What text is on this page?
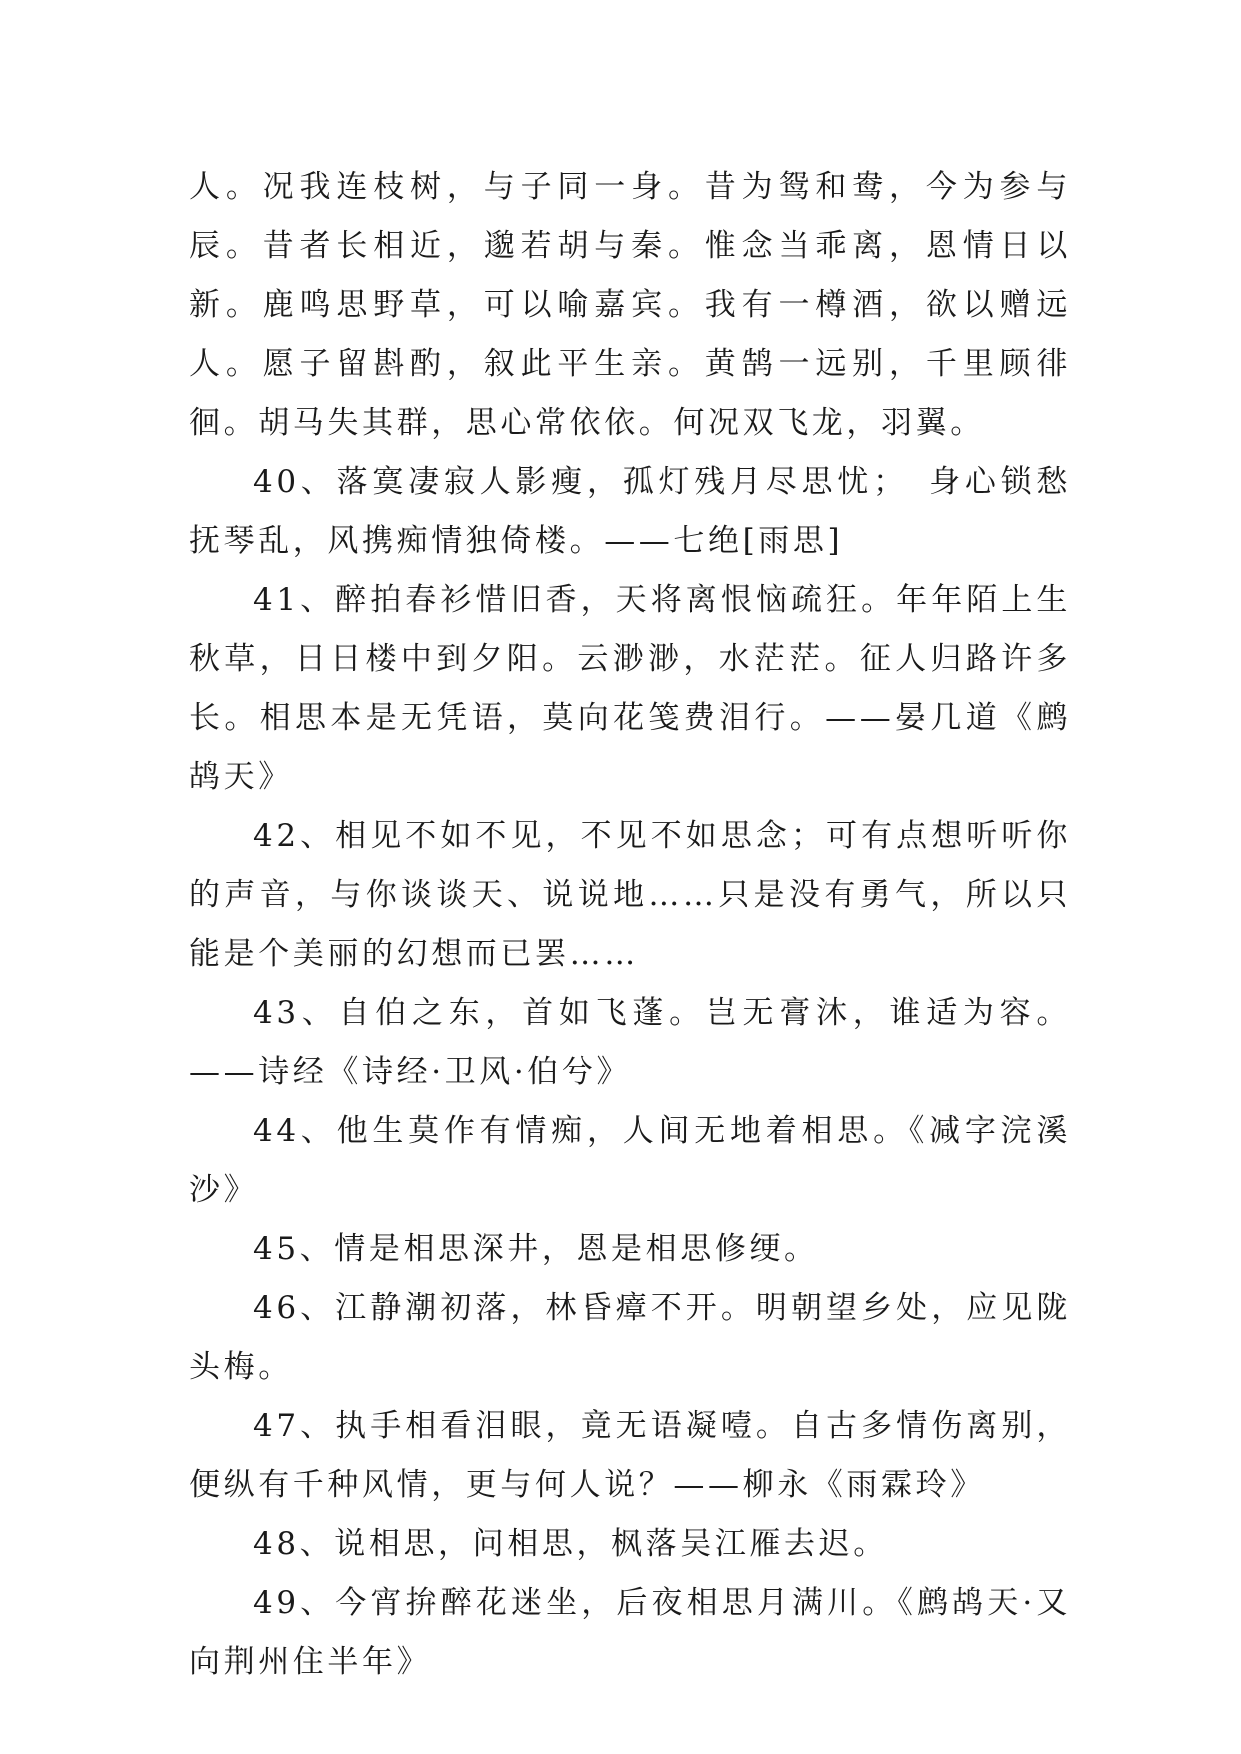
人。况我连枝树，与子同一身。昔为鸳和鸯，今为参与辰。昔者长相近，邈若胡与秦。惟念当乖离，恩情日以新。鹿鸣思野草，可以喻嘉宾。我有一樽酒，欲以赠远人。愿子留斟酌，叙此平生亲。黄鹄一远别，千里顾徘徊。胡马失其群，思心常依依。何况双飞龙，羽翼。

40、落寞凄寂人影瘦，孤灯残月尽思忧；　身心锁愁抚琴乱，风携痴情独倚楼。——七绝[雨思]

41、醉拍春衫惜旧香，天将离恨恼疏狂。年年陌上生秋草，日日楼中到夕阳。云渺渺，水茫茫。征人归路许多长。相思本是无凭语，莫向花笺费泪行。——晏几道《鹧鸪天》

42、相见不如不见，不见不如思念；可有点想听听你的声音，与你谈谈天、说说地……只是没有勇气，所以只能是个美丽的幻想而已罢……

43、自伯之东，首如飞蓬。岂无膏沐，谁适为容。——诗经《诗经·卫风·伯兮》

44、他生莫作有情痴，人间无地着相思。《减字浣溪沙》

45、情是相思深井，恩是相思修绠。

46、江静潮初落，林昏瘴不开。明朝望乡处，应见陇头梅。

47、执手相看泪眼，竟无语凝噎。自古多情伤离别，便纵有千种风情，更与何人说？——柳永《雨霖玲》

48、说相思，问相思，枫落吴江雁去迟。

49、今宵拚醉花迷坐，后夜相思月满川。《鹧鸪天·又向荆州住半年》
